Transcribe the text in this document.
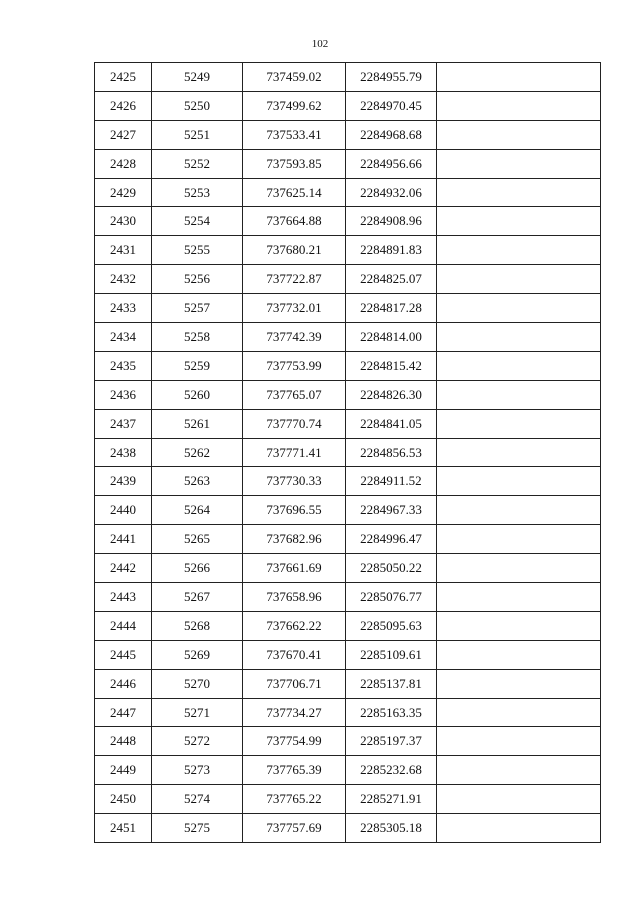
102
2425	5249	737459.02	2284955.79	
2426	5250	737499.62	2284970.45	
2427	5251	737533.41	2284968.68	
2428	5252	737593.85	2284956.66	
2429	5253	737625.14	2284932.06	
2430	5254	737664.88	2284908.96	
2431	5255	737680.21	2284891.83	
2432	5256	737722.87	2284825.07	
2433	5257	737732.01	2284817.28	
2434	5258	737742.39	2284814.00	
2435	5259	737753.99	2284815.42	
2436	5260	737765.07	2284826.30	
2437	5261	737770.74	2284841.05	
2438	5262	737771.41	2284856.53	
2439	5263	737730.33	2284911.52	
2440	5264	737696.55	2284967.33	
2441	5265	737682.96	2284996.47	
2442	5266	737661.69	2285050.22	
2443	5267	737658.96	2285076.77	
2444	5268	737662.22	2285095.63	
2445	5269	737670.41	2285109.61	
2446	5270	737706.71	2285137.81	
2447	5271	737734.27	2285163.35	
2448	5272	737754.99	2285197.37	
2449	5273	737765.39	2285232.68	
2450	5274	737765.22	2285271.91	
2451	5275	737757.69	2285305.18	
